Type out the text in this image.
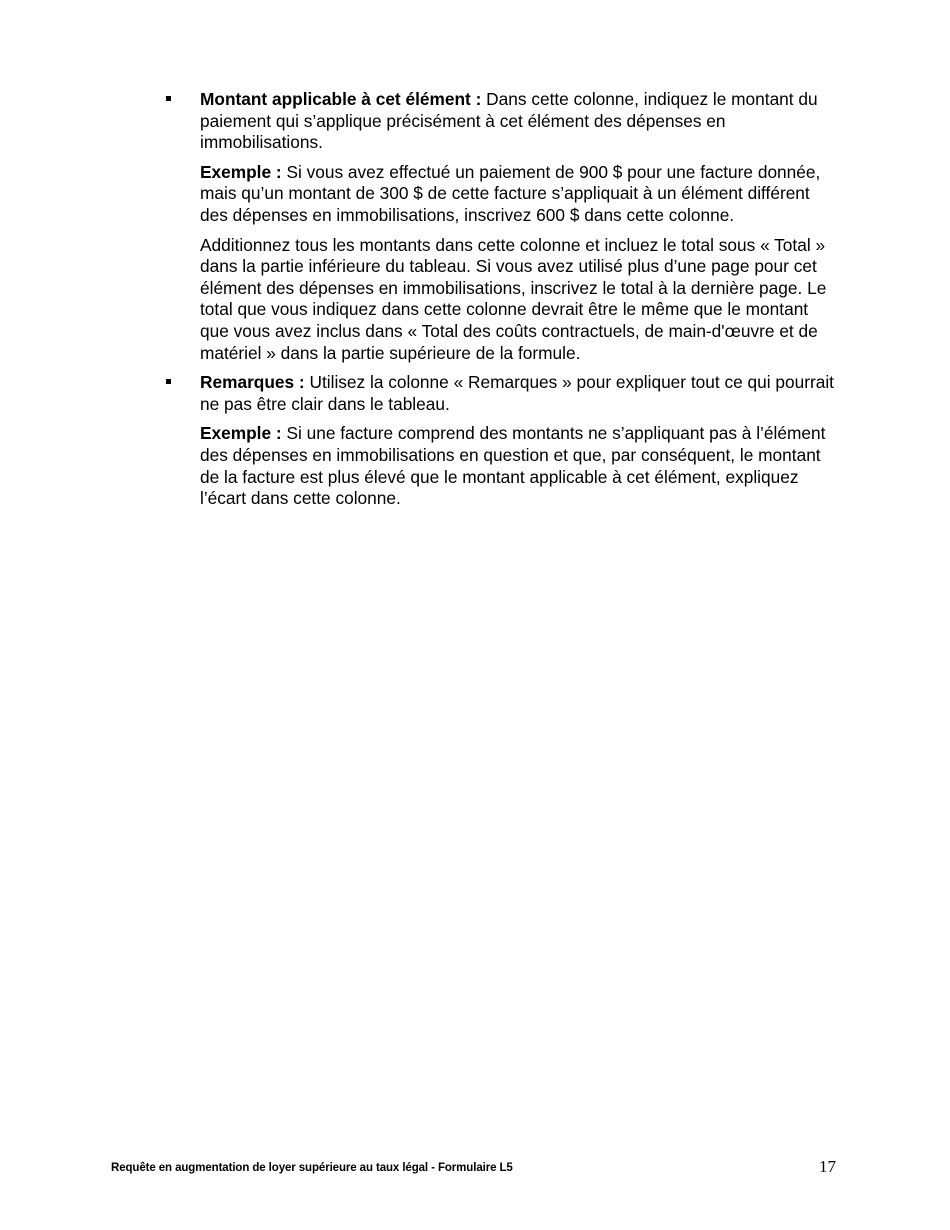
Montant applicable à cet élément : Dans cette colonne, indiquez le montant du paiement qui s’applique précisément à cet élément des dépenses en immobilisations.

Exemple : Si vous avez effectué un paiement de 900 $ pour une facture donnée, mais qu’un montant de 300 $ de cette facture s’appliquait à un élément différent des dépenses en immobilisations, inscrivez 600 $ dans cette colonne.

Additionnez tous les montants dans cette colonne et incluez le total sous « Total » dans la partie inférieure du tableau. Si vous avez utilisé plus d’une page pour cet élément des dépenses en immobilisations, inscrivez le total à la dernière page. Le total que vous indiquez dans cette colonne devrait être le même que le montant que vous avez inclus dans « Total des coûts contractuels, de main-d'œuvre et de matériel » dans la partie supérieure de la formule.

Remarques : Utilisez la colonne « Remarques » pour expliquer tout ce qui pourrait ne pas être clair dans le tableau.

Exemple : Si une facture comprend des montants ne s’appliquant pas à l’élément des dépenses en immobilisations en question et que, par conséquent, le montant de la facture est plus élevé que le montant applicable à cet élément, expliquez l’écart dans cette colonne.

Requête en augmentation de loyer supérieure au taux légal - Formulaire L5	17
